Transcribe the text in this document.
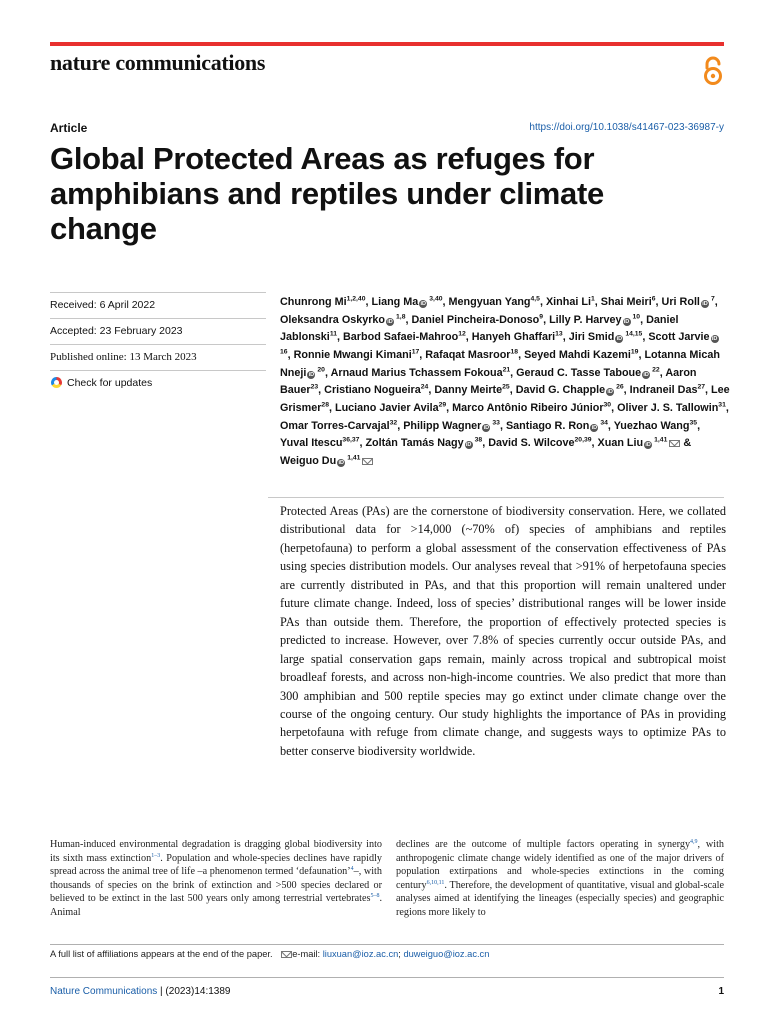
nature communications
Article	https://doi.org/10.1038/s41467-023-36987-y
Global Protected Areas as refuges for amphibians and reptiles under climate change
Received: 6 April 2022
Accepted: 23 February 2023
Published online: 13 March 2023
Check for updates
Chunrong Mi$^{1,2,40}$, Liang Ma iD$^{3,40}$, Mengyuan Yang$^{4,5}$, Xinhai Li$^1$, Shai Meiri$^6$, Uri Roll $iD^7$, Oleksandra Oskyrko iD$^{1,8}$, Daniel Pincheira-Donoso$^9$, Lilly P. Harvey $iD^{10}$, Daniel Jablonski$^{11}$, Barbod Safaei-Mahroo$^{12}$, Hanyeh Ghaffari$^{13}$, Jiri Smid iD$^{14,15}$, Scott Jarvie $iD^{16}$, Ronnie Mwangi Kimani$^{17}$, Rafaqat Masroor$^{18}$, Seyed Mahdi Kazemi$^{19}$, Lotanna Micah Nneji $iD^{20}$, Arnaud Marius Tchassem Fokoua$^{21}$, Geraud C. Tasse Taboue $iD^{22}$, Aaron Bauer$^{23}$, Cristiano Nogueira$^{24}$, Danny Meirte$^{25}$, David G. Chapple $iD^{26}$, Indraneil Das$^{27}$, Lee Grismer$^{28}$, Luciano Javier Avila$^{29}$, Marco Antônio Ribeiro Júnior$^{30}$, Oliver J. S. Tallowin$^{31}$, Omar Torres-Carvajal$^{32}$, Philipp Wagner $iD^{33}$, Santiago R. Ron $iD^{34}$, Yuezhao Wang$^{35}$, Yuval Itescu$^{36,37}$, Zoltán Tamás Nagy $iD^{38}$, David S. Wilcove$^{20,39}$, Xuan Liu iD$^{1,41}$ & Weiguo Du iD$^{1,41}$

Protected Areas (PAs) are the cornerstone of biodiversity conservation. Here, we collated distributional data for >14,000 (~70% of) species of amphibians and reptiles (herpetofauna) to perform a global assessment of the conservation effectiveness of PAs using species distribution models. Our analyses reveal that >91% of herpetofauna species are currently distributed in PAs, and that this proportion will remain unaltered under future climate change. Indeed, loss of species’ distributional ranges will be lower inside PAs than outside them. Therefore, the proportion of effectively protected species is predicted to increase. However, over 7.8% of species currently occur outside PAs, and large spatial conservation gaps remain, mainly across tropical and subtropical moist broadleaf forests, and across non-high-income countries. We also predict that more than 300 amphibian and 500 reptile species may go extinct under climate change over the course of the ongoing century. Our study highlights the importance of PAs in providing herpetofauna with refuge from climate change, and suggests ways to optimize PAs to better conserve biodiversity worldwide.

Human-induced environmental degradation is dragging global biodiversity into its sixth mass extinction$^{1-3}$. Population and whole-species declines have rapidly spread across the animal tree of life –a phenomenon termed ‘defaunation’$^4$–, with thousands of species on the brink of extinction and >500 species declared or believed to be extinct in the last 500 years only among terrestrial vertebrates$^{5-8}$. Animal

declines are the outcome of multiple factors operating in synergy$^{4,9}$, with anthropogenic climate change widely identified as one of the major drivers of population extirpations and whole-species extinctions in the coming century$^{6,10,11}$. Therefore, the development of quantitative, visual and global-scale analyses aimed at identifying the lineages (especially species) and geographic regions more likely to

A full list of affiliations appears at the end of the paper. e-mail: liuxuan@ioz.ac.cn; duweiguo@ioz.ac.cn
Nature Communications | (2023)14:1389	1
